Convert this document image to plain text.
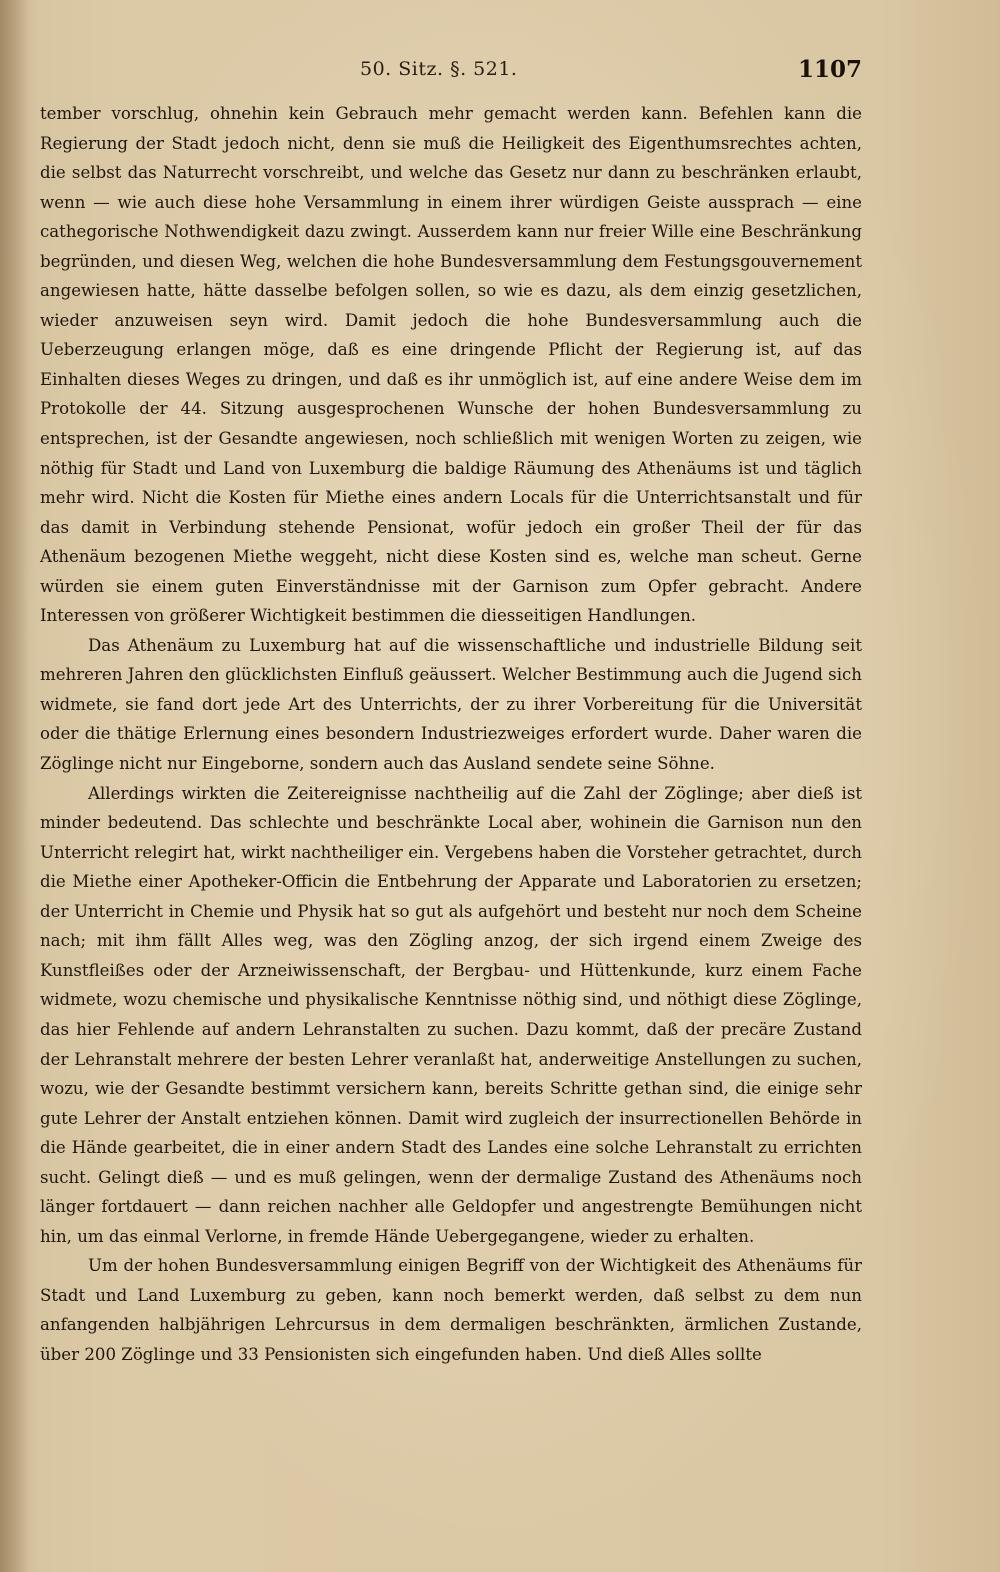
50. Sitz. §. 521.	1107

tember vorschlug, ohnehin kein Gebrauch mehr gemacht werden kann. Befehlen kann die Regierung der Stadt jedoch nicht, denn sie muß die Heiligkeit des Eigenthumsrechtes achten, die selbst das Naturrecht vorschreibt, und welche das Gesetz nur dann zu beschränken erlaubt, wenn — wie auch diese hohe Versammlung in einem ihrer würdigen Geiste aussprach — eine cathegorische Nothwendigkeit dazu zwingt. Ausserdem kann nur freier Wille eine Beschränkung begründen, und diesen Weg, welchen die hohe Bundesversammlung dem Festungsgouvernement angewiesen hatte, hätte dasselbe befolgen sollen, so wie es dazu, als dem einzig gesetzlichen, wieder anzuweisen seyn wird. Damit jedoch die hohe Bundesversammlung auch die Ueberzeugung erlangen möge, daß es eine dringende Pflicht der Regierung ist, auf das Einhalten dieses Weges zu dringen, und daß es ihr unmöglich ist, auf eine andere Weise dem im Protokolle der 44. Sitzung ausgesprochenen Wunsche der hohen Bundesversammlung zu entsprechen, ist der Gesandte angewiesen, noch schließlich mit wenigen Worten zu zeigen, wie nöthig für Stadt und Land von Luxemburg die baldige Räumung des Athenäums ist und täglich mehr wird. Nicht die Kosten für Miethe eines andern Locals für die Unterrichtsanstalt und für das damit in Verbindung stehende Pensionat, wofür jedoch ein großer Theil der für das Athenäum bezogenen Miethe weggeht, nicht diese Kosten sind es, welche man scheut. Gerne würden sie einem guten Einverständnisse mit der Garnison zum Opfer gebracht. Andere Interessen von größerer Wichtigkeit bestimmen die diesseitigen Handlungen.

Das Athenäum zu Luxemburg hat auf die wissenschaftliche und industrielle Bildung seit mehreren Jahren den glücklichsten Einfluß geäussert. Welcher Bestimmung auch die Jugend sich widmete, sie fand dort jede Art des Unterrichts, der zu ihrer Vorbereitung für die Universität oder die thätige Erlernung eines besondern Industriezweiges erfordert wurde. Daher waren die Zöglinge nicht nur Eingeborne, sondern auch das Ausland sendete seine Söhne.

Allerdings wirkten die Zeitereignisse nachtheilig auf die Zahl der Zöglinge; aber dieß ist minder bedeutend. Das schlechte und beschränkte Local aber, wohinein die Garnison nun den Unterricht relegirt hat, wirkt nachtheiliger ein. Vergebens haben die Vorsteher getrachtet, durch die Miethe einer Apotheker-Officin die Entbehrung der Apparate und Laboratorien zu ersetzen; der Unterricht in Chemie und Physik hat so gut als aufgehört und besteht nur noch dem Scheine nach; mit ihm fällt Alles weg, was den Zögling anzog, der sich irgend einem Zweige des Kunstfleißes oder der Arzneiwissenschaft, der Bergbau- und Hüttenkunde, kurz einem Fache widmete, wozu chemische und physikalische Kenntnisse nöthig sind, und nöthigt diese Zöglinge, das hier Fehlende auf andern Lehranstalten zu suchen. Dazu kommt, daß der precäre Zustand der Lehranstalt mehrere der besten Lehrer veranlaßt hat, anderweitige Anstellungen zu suchen, wozu, wie der Gesandte bestimmt versichern kann, bereits Schritte gethan sind, die einige sehr gute Lehrer der Anstalt entziehen können. Damit wird zugleich der insurrectionellen Behörde in die Hände gearbeitet, die in einer andern Stadt des Landes eine solche Lehranstalt zu errichten sucht. Gelingt dieß — und es muß gelingen, wenn der dermalige Zustand des Athenäums noch länger fortdauert — dann reichen nachher alle Geldopfer und angestrengte Bemühungen nicht hin, um das einmal Verlorne, in fremde Hände Uebergegangene, wieder zu erhalten.

Um der hohen Bundesversammlung einigen Begriff von der Wichtigkeit des Athenäums für Stadt und Land Luxemburg zu geben, kann noch bemerkt werden, daß selbst zu dem nun anfangenden halbjährigen Lehrcursus in dem dermaligen beschränkten, ärmlichen Zustande, über 200 Zöglinge und 33 Pensionisten sich eingefunden haben. Und dieß Alles sollte
